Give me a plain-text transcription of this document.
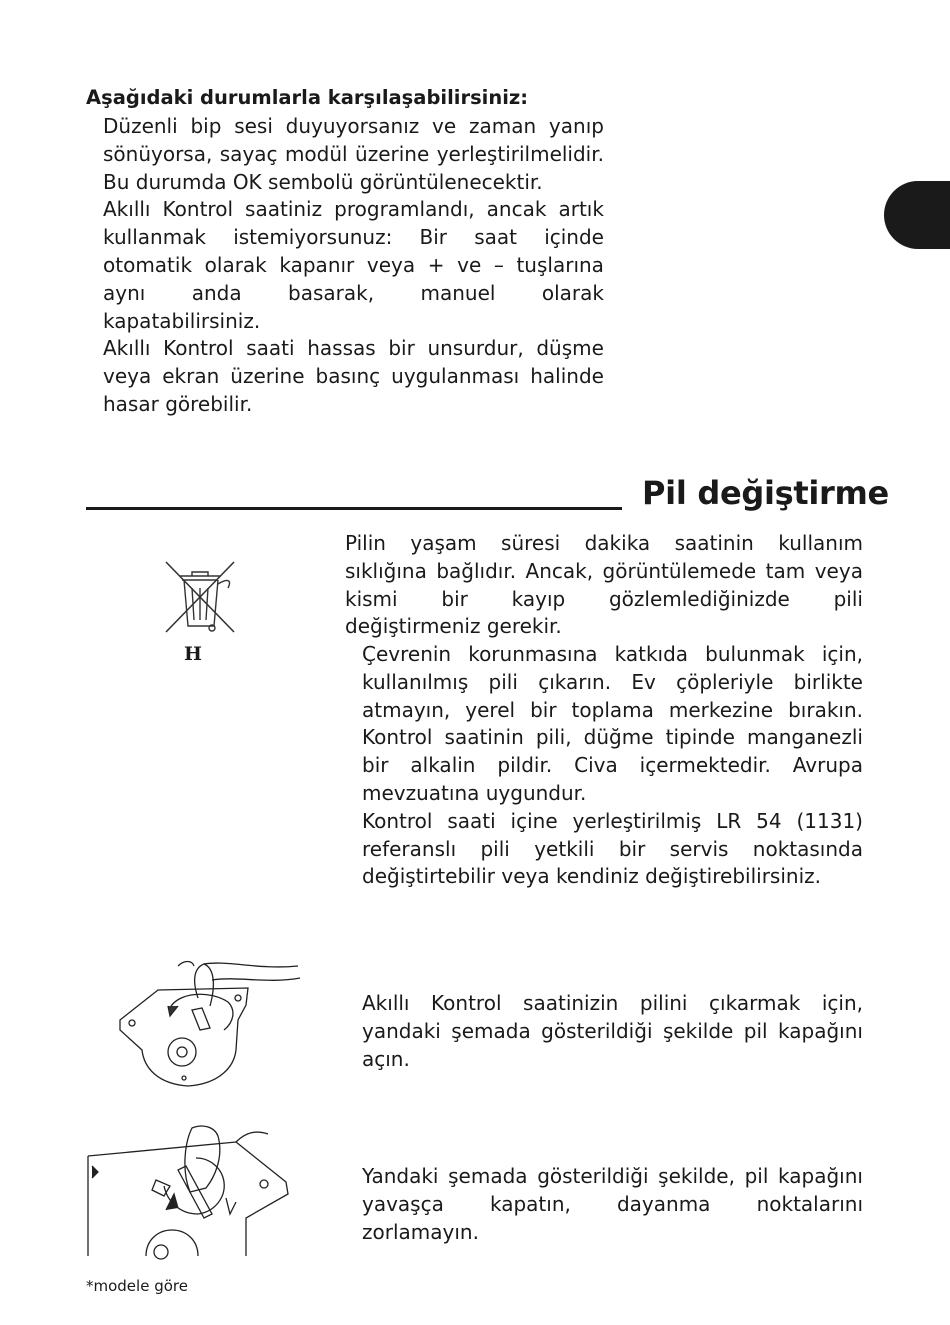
Aşağıdaki durumlarla karşılaşabilirsiniz:
Düzenli bip sesi duyuyorsanız ve zaman yanıp
sönüyorsa, sayaç modül üzerine yerleştirilmelidir.
Bu durumda OK sembolü görüntülenecektir.
Akıllı Kontrol saatiniz programlandı, ancak artık
kullanmak istemiyorsunuz: Bir saat içinde
otomatik olarak kapanır veya + ve – tuşlarına
aynı anda basarak, manuel olarak
kapatabilirsiniz.
Akıllı Kontrol saati hassas bir unsurdur, düşme
veya ekran üzerine basınç uygulanması halinde
hasar görebilir.
Pil değiştirme
H
Pilin yaşam süresi dakika saatinin kullanım
sıklığına bağlıdır. Ancak, görüntülemede tam veya
kismi bir kayıp gözlemlediğinizde pili
değiştirmeniz gerekir.
Çevrenin korunmasına katkıda bulunmak için,
kullanılmış pili çıkarın. Ev çöpleriyle birlikte
atmayın, yerel bir toplama merkezine bırakın.
Kontrol saatinin pili, düğme tipinde manganezli
bir alkalin pildir. Civa içermektedir. Avrupa
mevzuatına uygundur.
Kontrol saati içine yerleştirilmiş LR 54 (1131)
referanslı pili yetkili bir servis noktasında
değiştirtebilir veya kendiniz değiştirebilirsiniz.
Akıllı Kontrol saatinizin pilini çıkarmak için,
yandaki şemada gösterildiği şekilde pil kapağını
açın.
Yandaki şemada gösterildiği şekilde, pil kapağını
yavaşça kapatın, dayanma noktalarını
zorlamayın.
*modele göre
